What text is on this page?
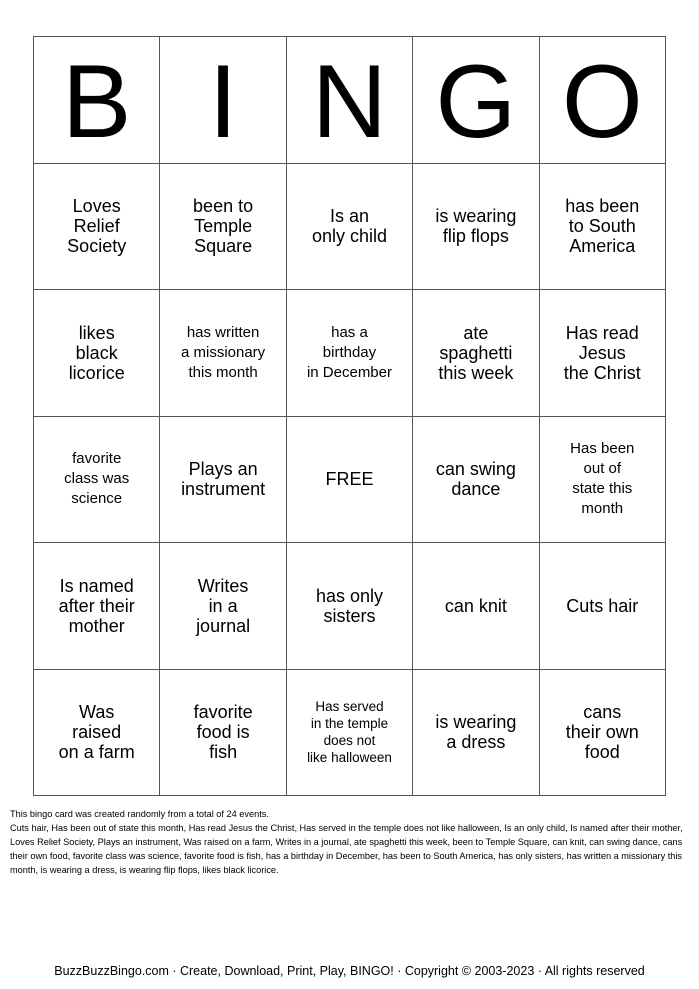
B	I	N	G	O

Loves
Relief
Society	been to
Temple
Square	Is an
only child	is wearing
flip flops	has been
to South
America

likes
black
licorice	has written
a missionary
this month	has a
birthday
in December	ate
spaghetti
this week	Has read
Jesus
the Christ

favorite
class was
science	Plays an
instrument	FREE	can swing
dance	Has been
out of
state this
month

Is named
after their
mother	Writes
in a
journal	has only
sisters	can knit	Cuts hair

Was
raised
on a farm	favorite
food is
fish	Has served
in the temple
does not
like halloween	is wearing
a dress	cans
their own
food

This bingo card was created randomly from a total of 24 events.

Cuts hair, Has been out of state this month, Has read Jesus the Christ, Has served in the temple does not like halloween, Is an only child, Is named after their mother, Loves Relief Society, Plays an instrument, Was raised on a farm, Writes in a journal, ate spaghetti this week, been to Temple Square, can knit, can swing dance, cans their own food, favorite class was science, favorite food is fish, has a birthday in December, has been to South America, has only sisters, has written a missionary this month, is wearing a dress, is wearing flip flops, likes black licorice.

BuzzBuzzBingo.com · Create, Download, Print, Play, BINGO! · Copyright © 2003-2023 · All rights reserved
